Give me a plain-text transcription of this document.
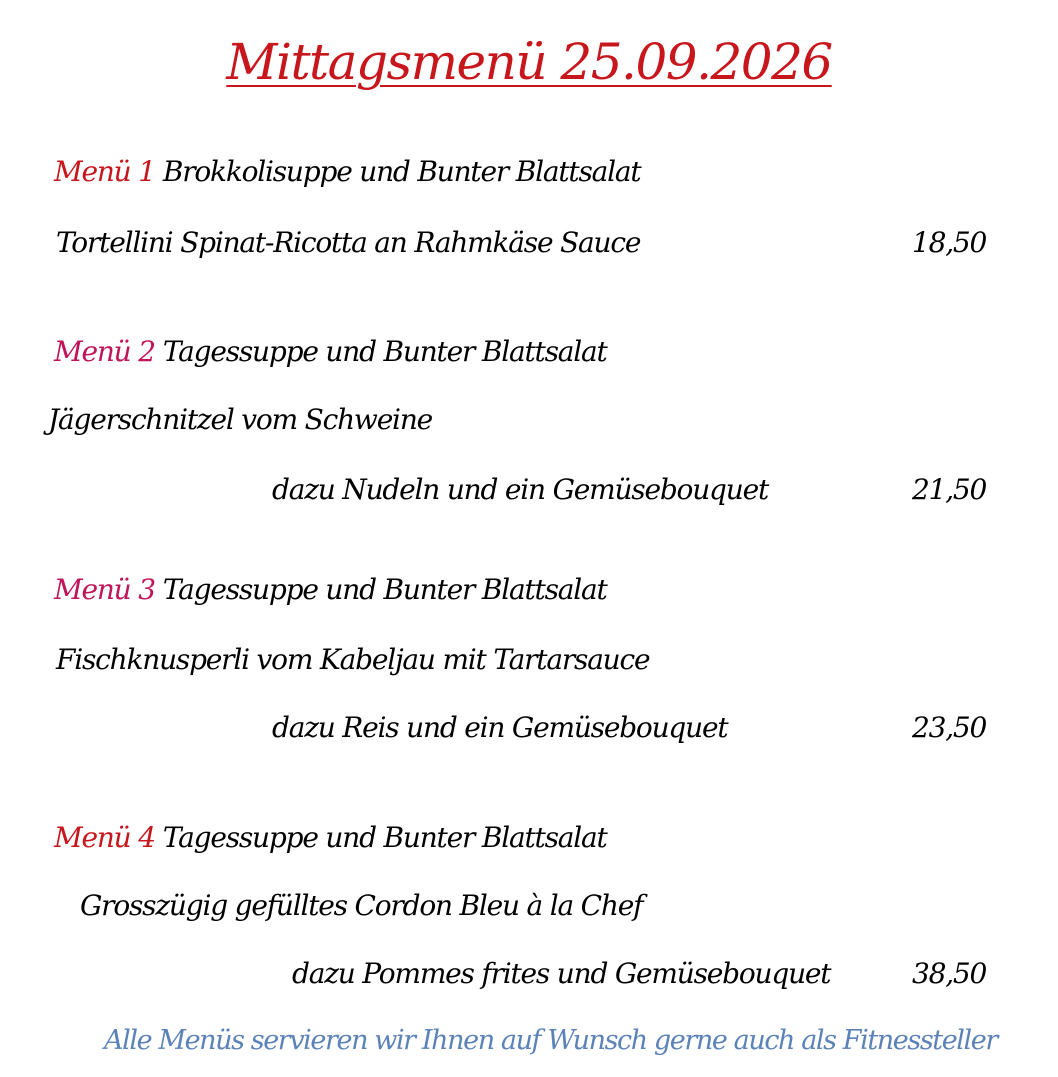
Mittagsmenü 25.09.2026
Menü 1 Brokkolisuppe und Bunter Blattsalat
Tortellini Spinat-Ricotta an Rahmkäse Sauce	18,50
Menü 2 Tagessuppe und Bunter Blattsalat
Jägerschnitzel vom Schweine
dazu Nudeln und ein Gemüsebouquet	21,50
Menü 3 Tagessuppe und Bunter Blattsalat
Fischknusperli vom Kabeljau mit Tartarsauce
dazu Reis und ein Gemüsebouquet	23,50
Menü 4 Tagessuppe und Bunter Blattsalat
Grosszügig gefülltes Cordon Bleu à la Chef
dazu Pommes frites und Gemüsebouquet	38,50
Alle Menüs servieren wir Ihnen auf Wunsch gerne auch als Fitnessteller
